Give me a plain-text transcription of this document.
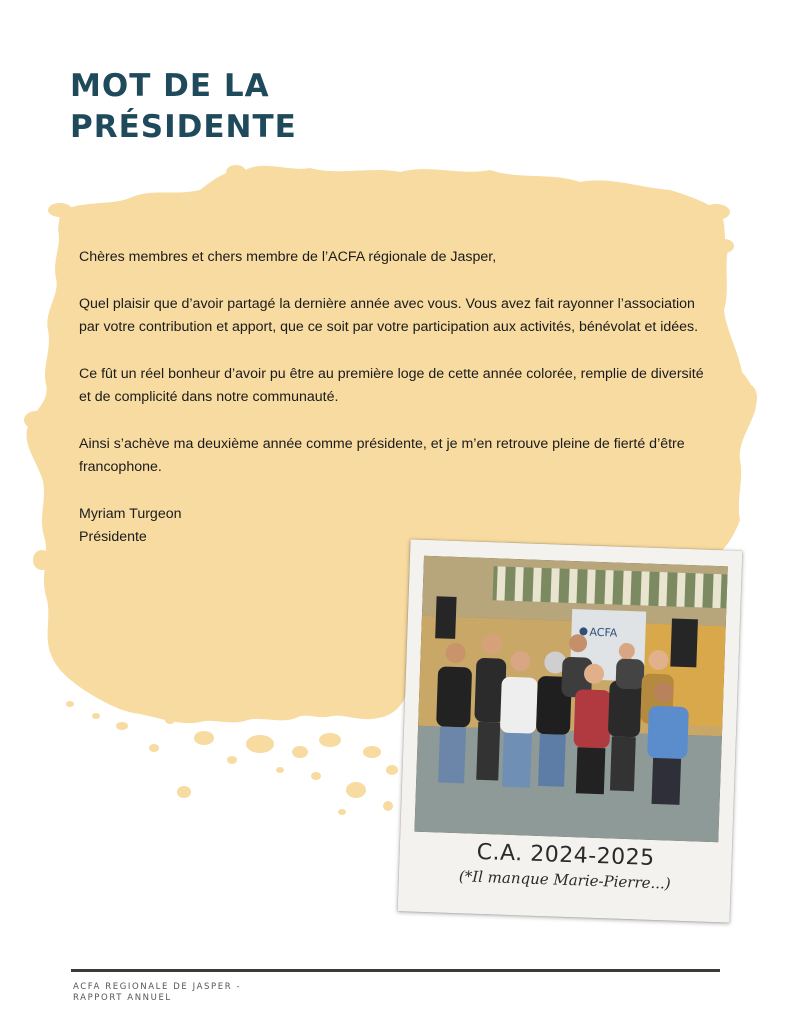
MOT DE LA
PRÉSIDENTE

Chères membres et chers membre de l’ACFA régionale de Jasper,

Quel plaisir que d’avoir partagé la dernière année avec vous. Vous avez fait rayonner l’association par votre contribution et apport, que ce soit par votre participation aux activités, bénévolat et idées.

Ce fût un réel bonheur d’avoir pu être au première loge de cette année colorée, remplie de diversité et de complicité dans notre communauté.

Ainsi s’achève ma deuxième année comme présidente, et je m’en retrouve pleine de fierté d’être francophone.

Myriam Turgeon

Présidente

ACFA
C.A. 2024-2025
(*Il manque Marie-Pierre...)
ACFA REGIONALE DE JASPER -
RAPPORT ANNUEL
